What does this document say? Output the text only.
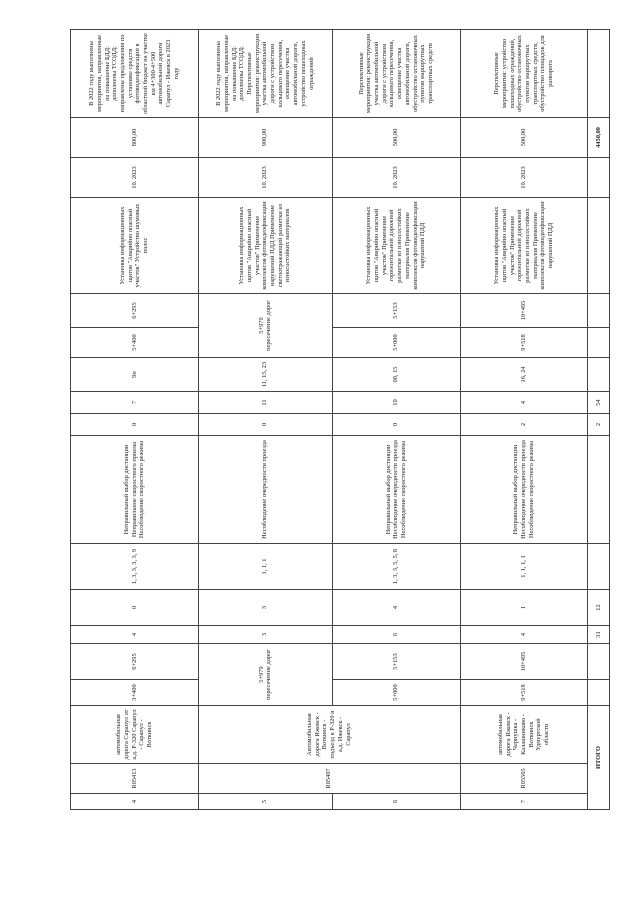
4	R05413	автомобильная дорога Сарапул от а.д. Р-320 Сарапул - Сарапул - Воткинск	3+400	6+295	4	0	1, 3, 3, 3, 3, 9	Неправильный выбор дистанции Неправильное скоростного приема Несоблюдение скоростного режима	0	7	9н	5+400	6+295	Установка информационных щитов "Аварийно опасный участок" Устройство шумовых полос	10. 2023	800,00	В 2022 году выполнены мероприятия, направленные на повышение БДД: дополнены ТСОДД; направлены предложения по установке средств фотовидеофиксации в областной бюджет на участке км 4+300-4+500 автомобильной дороги Сарапул - Ижевск в 2023 году
5	R05407	Автомобильная дорога Ижевск - Воткинск - подъезд к Р-320 и а.д. Ижевск - Сарапул	5+979 пересечение дорог		3	3	1, 1, 1	Несоблюдение очередности проезда	0	11	11, 15, 23	5+979 пересечение дорог		Установка информационных щитов "Аварийно опасный участок" Применение комплексов фотовидеофиксации нарушений ПДД Применение светоотражающей разметки из износостойких материалов	10. 2023	900,00	В 2022 году выполнены мероприятия, направленные на повышение БДД: дополнены ТСОДД; Перспективные мероприятия: реконструкция участка автомобильной дороги с устройством кольцевого пересечения, освещение участка автомобильной дороги, устройство пешеходных ограждений
6			5+000	5+153	6	4	1, 3, 3, 5, 5, 8	Неправильный выбор дистанции Несоблюдение очередности проезда Несоблюдение скоростного режима	0	10	08, 15	5+000	5+153	Установка информационных щитов "Аварийно опасный участок" Применение горизонтальной дорожной разметки из износостойких материалов Применение комплексов фотовидеофиксации нарушений ПДД	10. 2023	500,00	Перспективные мероприятия: реконструкция участка автомобильной дороги с устройством кольцевого пересечения, освещение участка автомобильной дороги, обустройство остановочных пунктов маршрутных транспортных средств
7	R05565	автомобильная дорога Ижевск - Чернушка - Калашниково - Воткинск Удмуртской области	9+518	10+495	4	1	1, 1, 1, 1	Неправильный выбор дистанции Несоблюдение очередности проезда Несоблюдение скоростного режима	2	4	16, 24	9+518	10+495	Установка информационных щитов "Аварийно опасный участок" Применение горизонтальной дорожной разметки из износостойких материалов Применение комплексов фотовидеофиксации нарушений ПДД	10. 2023	500,00	Перспективные мероприятия: устройство пешеходных ограждений, обустройство остановочных пунктов маршрутных транспортных средств, обустройство площадок для разворота
ИТОГО					31	12			2	54						4450,00	
